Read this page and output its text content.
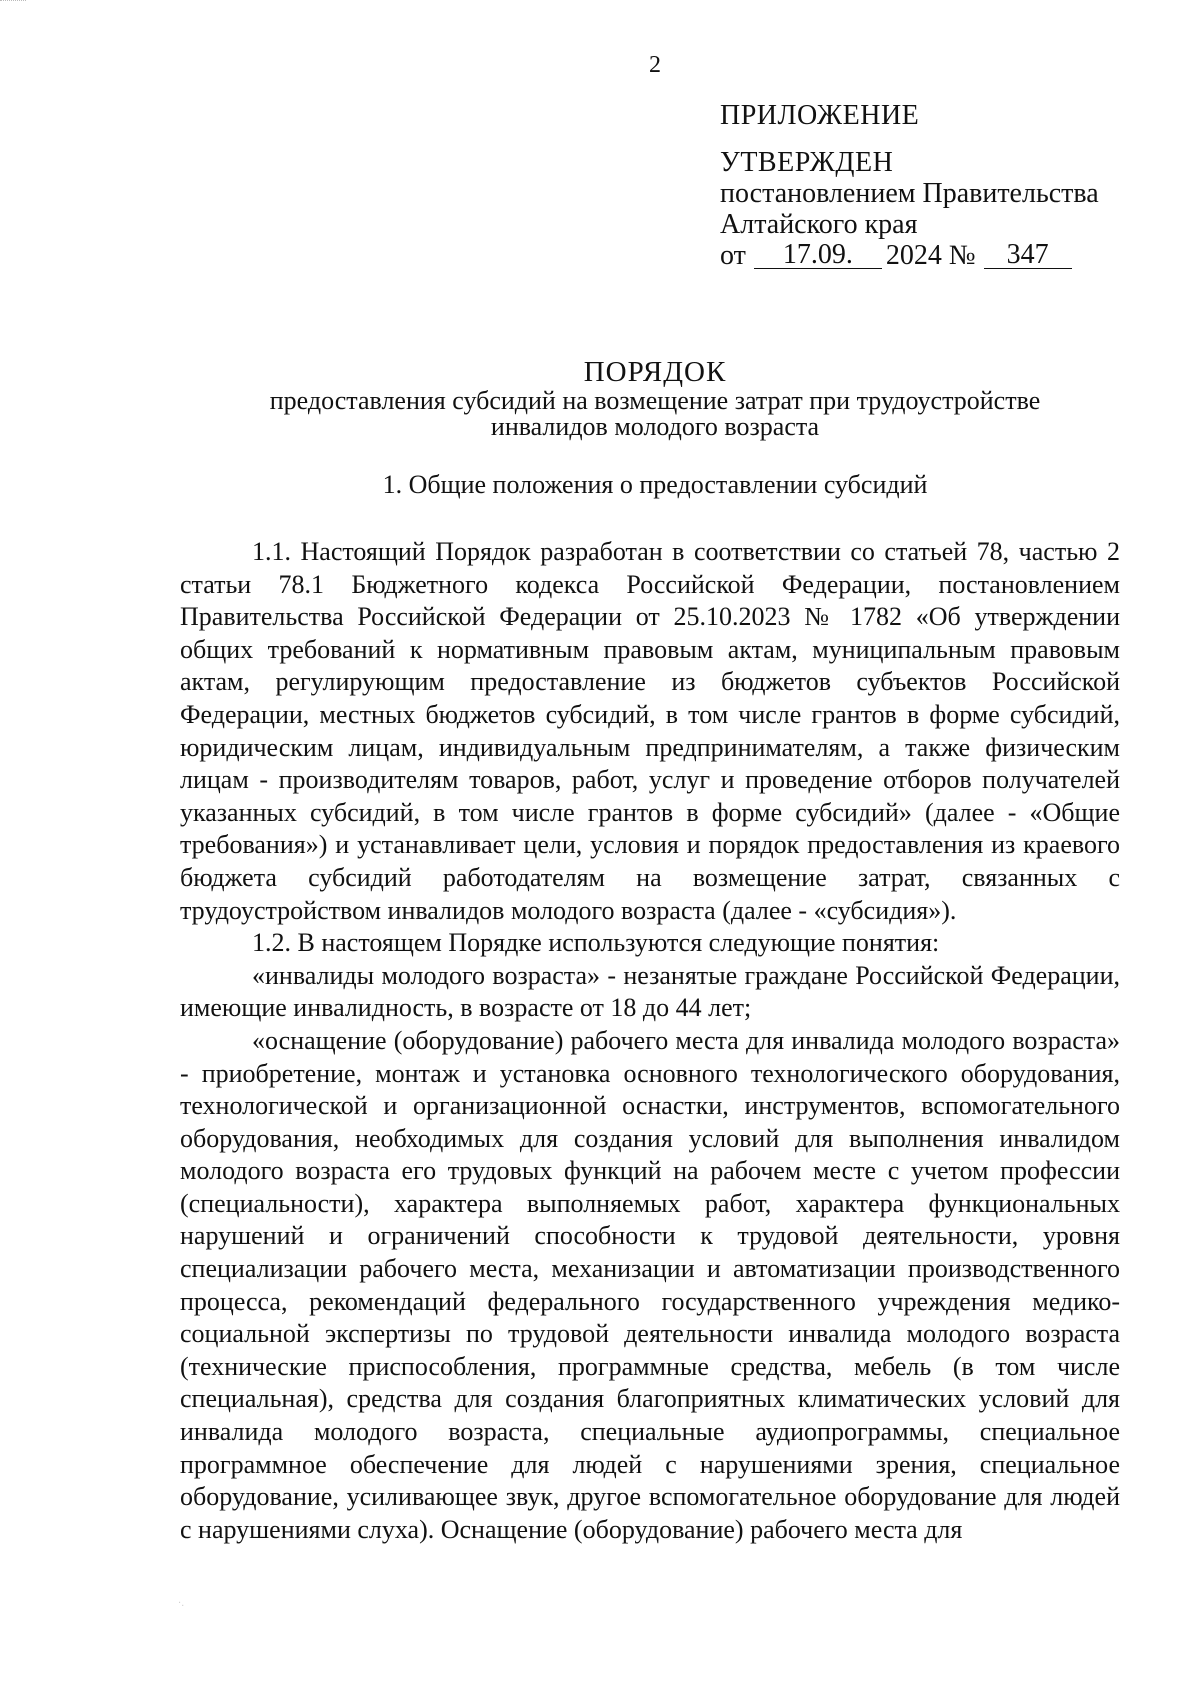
2
ПРИЛОЖЕНИЕ
УТВЕРЖДЕН
постановлением Правительства
Алтайского края
от	17.09.	2024 №	347
ПОРЯДОК
предоставления субсидий на возмещение затрат при трудоустройстве
инвалидов молодого возраста
1. Общие положения о предоставлении субсидий

1.1. Настоящий Порядок разработан в соответствии со статьей 78, частью 2 статьи 78.1 Бюджетного кодекса Российской Федерации, постановлением Правительства Российской Федерации от 25.10.2023 № 1782 «Об утверждении общих требований к нормативным правовым актам, муниципальным правовым актам, регулирующим предоставление из бюджетов субъектов Российской Федерации, местных бюджетов субсидий, в том числе грантов в форме субсидий, юридическим лицам, индивидуальным предпринимателям, а также физическим лицам - производителям товаров, работ, услуг и проведение отборов получателей указанных субсидий, в том числе грантов в форме субсидий» (далее - «Общие требования») и устанавливает цели, условия и порядок предоставления из краевого бюджета субсидий работодателям на возмещение затрат, связанных с трудоустройством инвалидов молодого возраста (далее - «субсидия»).

1.2. В настоящем Порядке используются следующие понятия:

«инвалиды молодого возраста» - незанятые граждане Российской Федерации, имеющие инвалидность, в возрасте от 18 до 44 лет;

«оснащение (оборудование) рабочего места для инвалида молодого возраста» - приобретение, монтаж и установка основного технологического оборудования, технологической и организационной оснастки, инструментов, вспомогательного оборудования, необходимых для создания условий для выполнения инвалидом молодого возраста его трудовых функций на рабочем месте с учетом профессии (специальности), характера выполняемых работ, характера функциональных нарушений и ограничений способности к трудовой деятельности, уровня специализации рабочего места, механизации и автоматизации производственного процесса, рекомендаций федерального государственного учреждения медико-социальной экспертизы по трудовой деятельности инвалида молодого возраста (технические приспособления, программные средства, мебель (в том числе специальная), средства для создания благоприятных климатических условий для инвалида молодого возраста, специальные аудиопрограммы, специальное программное обеспечение для людей с нарушениями зрения, специальное оборудование, усиливающее звук, другое вспомогательное оборудование для людей с нарушениями слуха). Оснащение (оборудование) рабочего места для

·.
